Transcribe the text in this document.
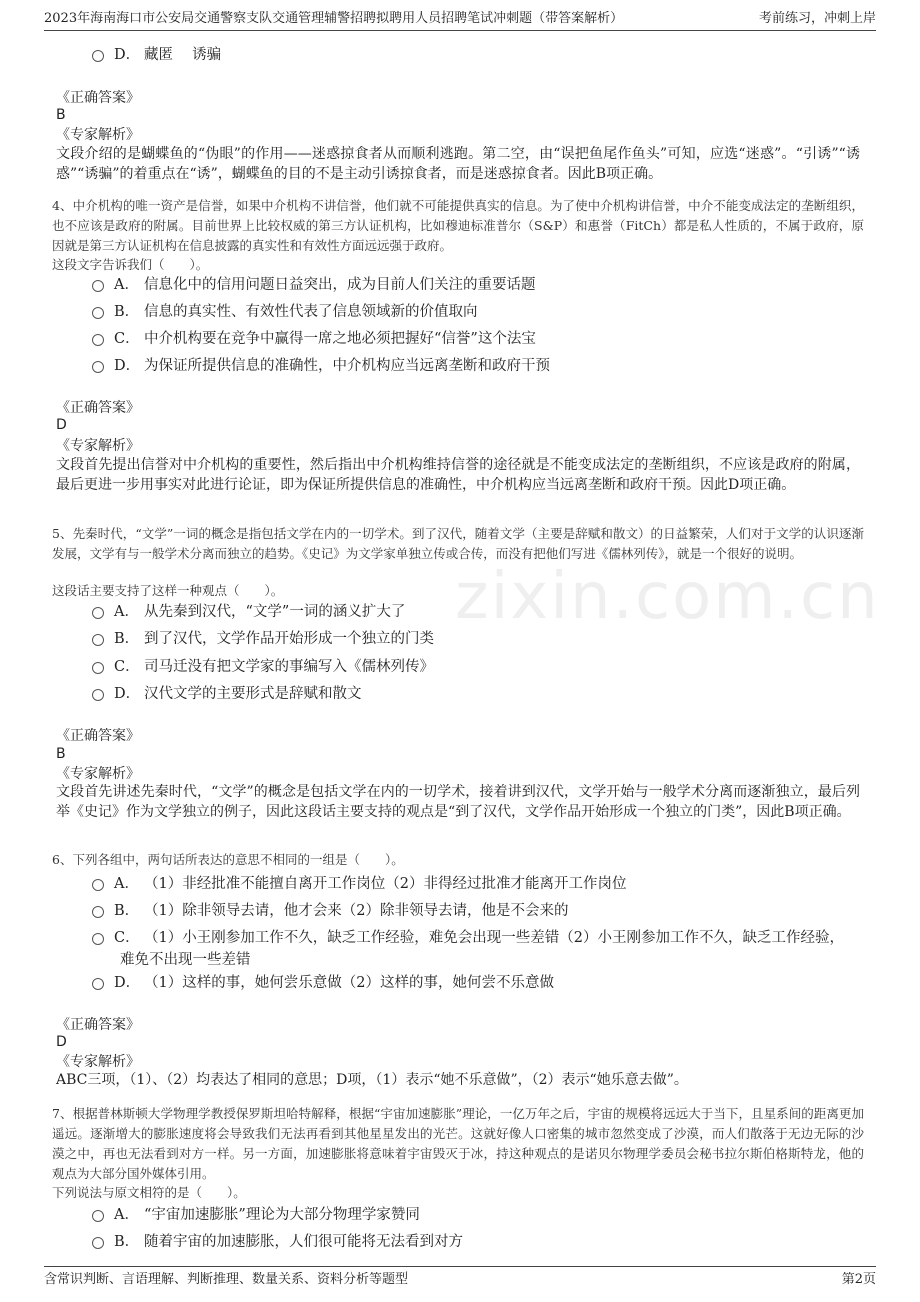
2023年海南海口市公安局交通警察支队交通管理辅警招聘拟聘用人员招聘笔试冲刺题（带答案解析）	考前练习，冲刺上岸
zixin.com.cn
D． 藏匿　 诱骗
《正确答案》
B
《专家解析》
文段介绍的是蝴蝶鱼的“伪眼”的作用——迷惑掠食者从而顺利逃跑。第二空，由“误把鱼尾作鱼头”可知，应选“迷惑”。“引诱”“诱惑”“诱骗”的着重点在“诱”，蝴蝶鱼的目的不是主动引诱掠食者，而是迷惑掠食者。因此B项正确。
4、中介机构的唯一资产是信誉，如果中介机构不讲信誉，他们就不可能提供真实的信息。为了使中介机构讲信誉，中介不能变成法定的垄断组织，也不应该是政府的附属。目前世界上比较权威的第三方认证机构，比如穆迪标准普尔（S&P）和惠誉（FitCh）都是私人性质的，不属于政府，原因就是第三方认证机构在信息披露的真实性和有效性方面远远强于政府。
这段文字告诉我们（　　）。
A． 信息化中的信用问题日益突出，成为目前人们关注的重要话题
B． 信息的真实性、有效性代表了信息领域新的价值取向
C． 中介机构要在竞争中赢得一席之地必须把握好“信誉”这个法宝
D． 为保证所提供信息的准确性，中介机构应当远离垄断和政府干预
《正确答案》
D
《专家解析》
文段首先提出信誉对中介机构的重要性，然后指出中介机构维持信誉的途径就是不能变成法定的垄断组织，不应该是政府的附属，最后更进一步用事实对此进行论证，即为保证所提供信息的准确性，中介机构应当远离垄断和政府干预。因此D项正确。
5、先秦时代，“文学”一词的概念是指包括文学在内的一切学术。到了汉代，随着文学（主要是辞赋和散文）的日益繁荣，人们对于文学的认识逐渐发展，文学有与一般学术分离而独立的趋势。《史记》为文学家单独立传或合传，而没有把他们写进《儒林列传》，就是一个很好的说明。
这段话主要支持了这样一种观点（　　）。
A． 从先秦到汉代，“文学”一词的涵义扩大了
B． 到了汉代，文学作品开始形成一个独立的门类
C． 司马迁没有把文学家的事编写入《儒林列传》
D． 汉代文学的主要形式是辞赋和散文
《正确答案》
B
《专家解析》
文段首先讲述先秦时代，“文学”的概念是包括文学在内的一切学术，接着讲到汉代，文学开始与一般学术分离而逐渐独立，最后列举《史记》作为文学独立的例子，因此这段话主要支持的观点是“到了汉代，文学作品开始形成一个独立的门类”，因此B项正确。
6、下列各组中，两句话所表达的意思不相同的一组是（　　）。
A． （1）非经批准不能擅自离开工作岗位（2）非得经过批准才能离开工作岗位
B． （1）除非领导去请，他才会来（2）除非领导去请，他是不会来的
C． （1）小王刚参加工作不久，缺乏工作经验，难免会出现一些差错（2）小王刚参加工作不久，缺乏工作经验，
难免不出现一些差错
D． （1）这样的事，她何尝乐意做（2）这样的事，她何尝不乐意做
《正确答案》
D
《专家解析》
ABC三项，（1）、（2）均表达了相同的意思；D项，（1）表示“她不乐意做”，（2）表示“她乐意去做”。
7、根据普林斯顿大学物理学教授保罗斯坦哈特解释，根据“宇宙加速膨胀”理论，一亿万年之后，宇宙的规模将远远大于当下，且星系间的距离更加遥远。逐渐增大的膨胀速度将会导致我们无法再看到其他星星发出的光芒。这就好像人口密集的城市忽然变成了沙漠，而人们散落于无边无际的沙漠之中，再也无法看到对方一样。另一方面，加速膨胀将意味着宇宙毁灭于冰，持这种观点的是诺贝尔物理学委员会秘书拉尔斯伯格斯特龙，他的观点为大部分国外媒体引用。
下列说法与原文相符的是（　　）。
A． “宇宙加速膨胀”理论为大部分物理学家赞同
B． 随着宇宙的加速膨胀，人们很可能将无法看到对方
含常识判断、言语理解、判断推理、数量关系、资料分析等题型	第2页
